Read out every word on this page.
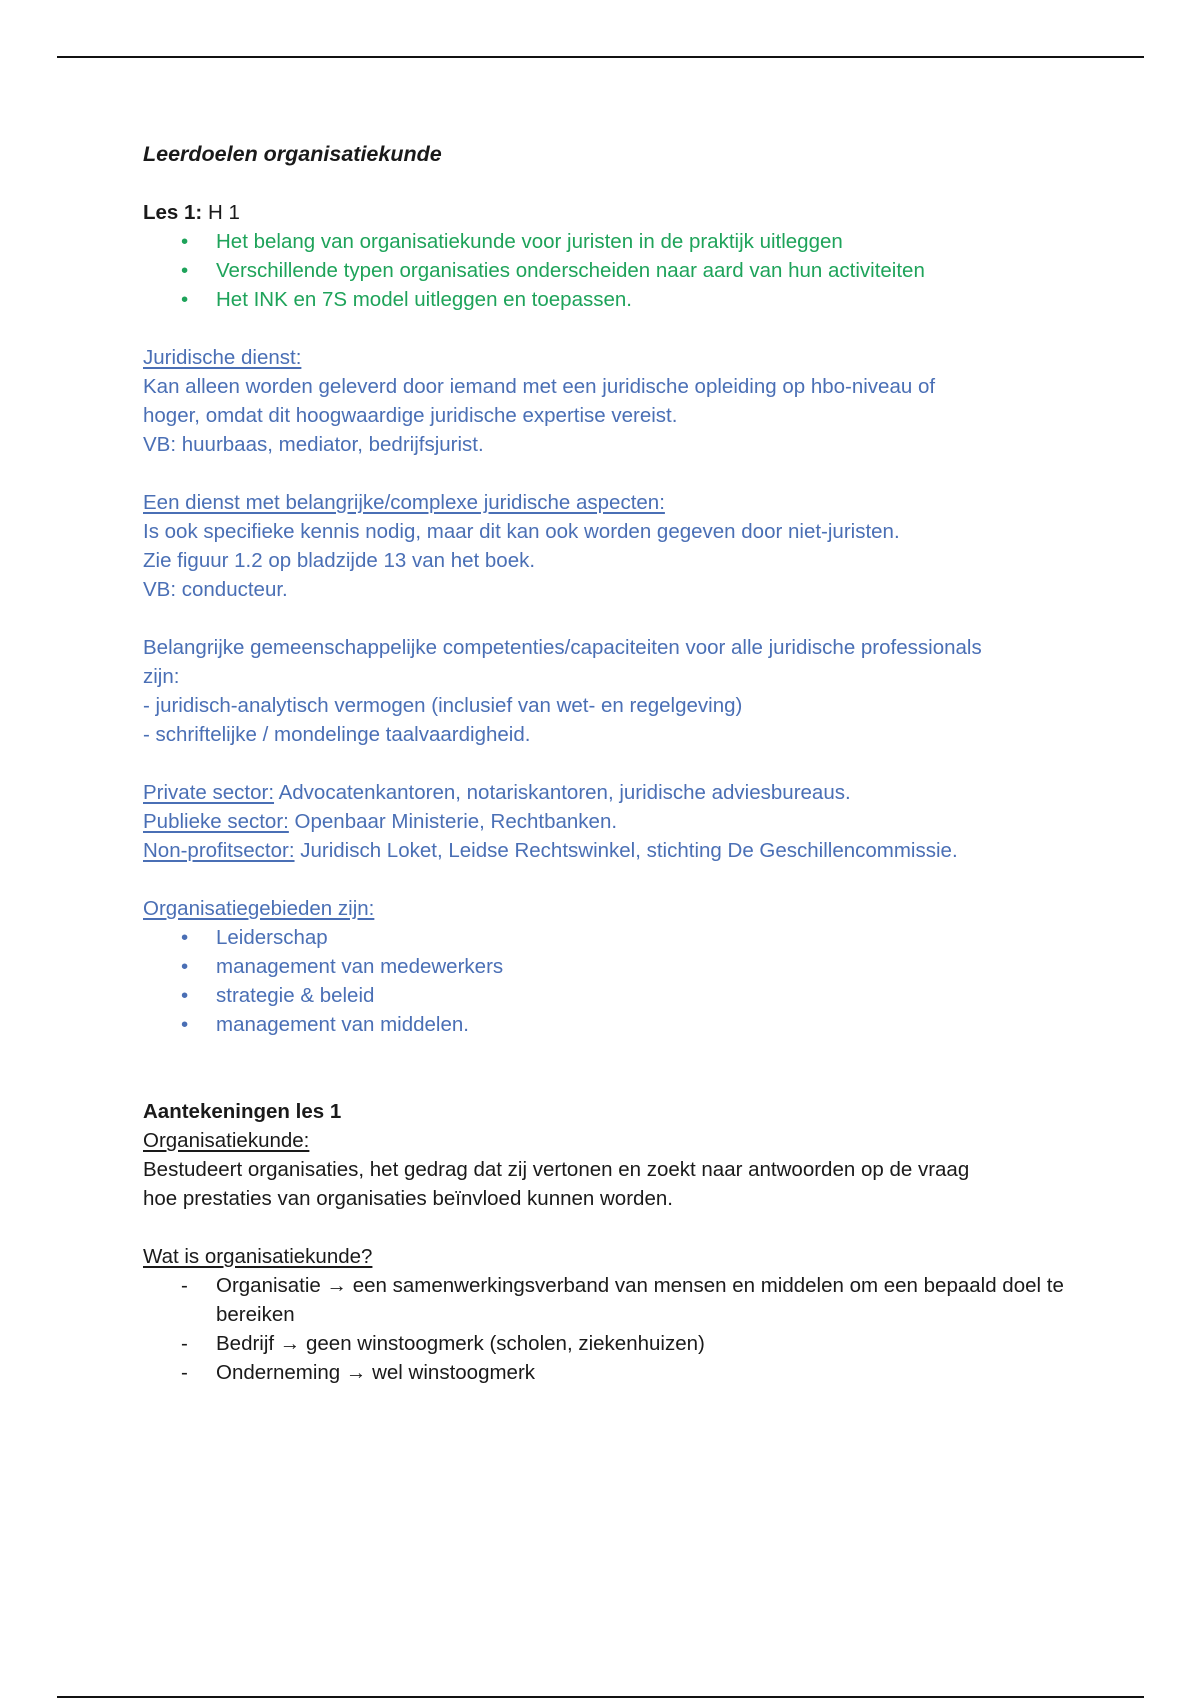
Leerdoelen organisatiekunde

Les 1: H 1

• Het belang van organisatiekunde voor juristen in de praktijk uitleggen
• Verschillende typen organisaties onderscheiden naar aard van hun activiteiten
• Het INK en 7S model uitleggen en toepassen.

Juridische dienst:

Kan alleen worden geleverd door iemand met een juridische opleiding op hbo-niveau of

hoger, omdat dit hoogwaardige juridische expertise vereist.

VB: huurbaas, mediator, bedrijfsjurist.

Een dienst met belangrijke/complexe juridische aspecten:

Is ook specifieke kennis nodig, maar dit kan ook worden gegeven door niet-juristen.

Zie figuur 1.2 op bladzijde 13 van het boek.

VB: conducteur.

Belangrijke gemeenschappelijke competenties/capaciteiten voor alle juridische professionals

zijn:

- juridisch-analytisch vermogen (inclusief van wet- en regelgeving)

- schriftelijke / mondelinge taalvaardigheid.

Private sector: Advocatenkantoren, notariskantoren, juridische adviesbureaus.

Publieke sector: Openbaar Ministerie, Rechtbanken.

Non-profitsector: Juridisch Loket, Leidse Rechtswinkel, stichting De Geschillencommissie.

Organisatiegebieden zijn:

• Leiderschap
• management van medewerkers
• strategie & beleid
• management van middelen.

Aantekeningen les 1

Organisatiekunde:

Bestudeert organisaties, het gedrag dat zij vertonen en zoekt naar antwoorden op de vraag

hoe prestaties van organisaties beïnvloed kunnen worden.

Wat is organisatiekunde?

- Organisatie → een samenwerkingsverband van mensen en middelen om een bepaald doel te bereiken
- Bedrijf → geen winstoogmerk (scholen, ziekenhuizen)
- Onderneming → wel winstoogmerk
